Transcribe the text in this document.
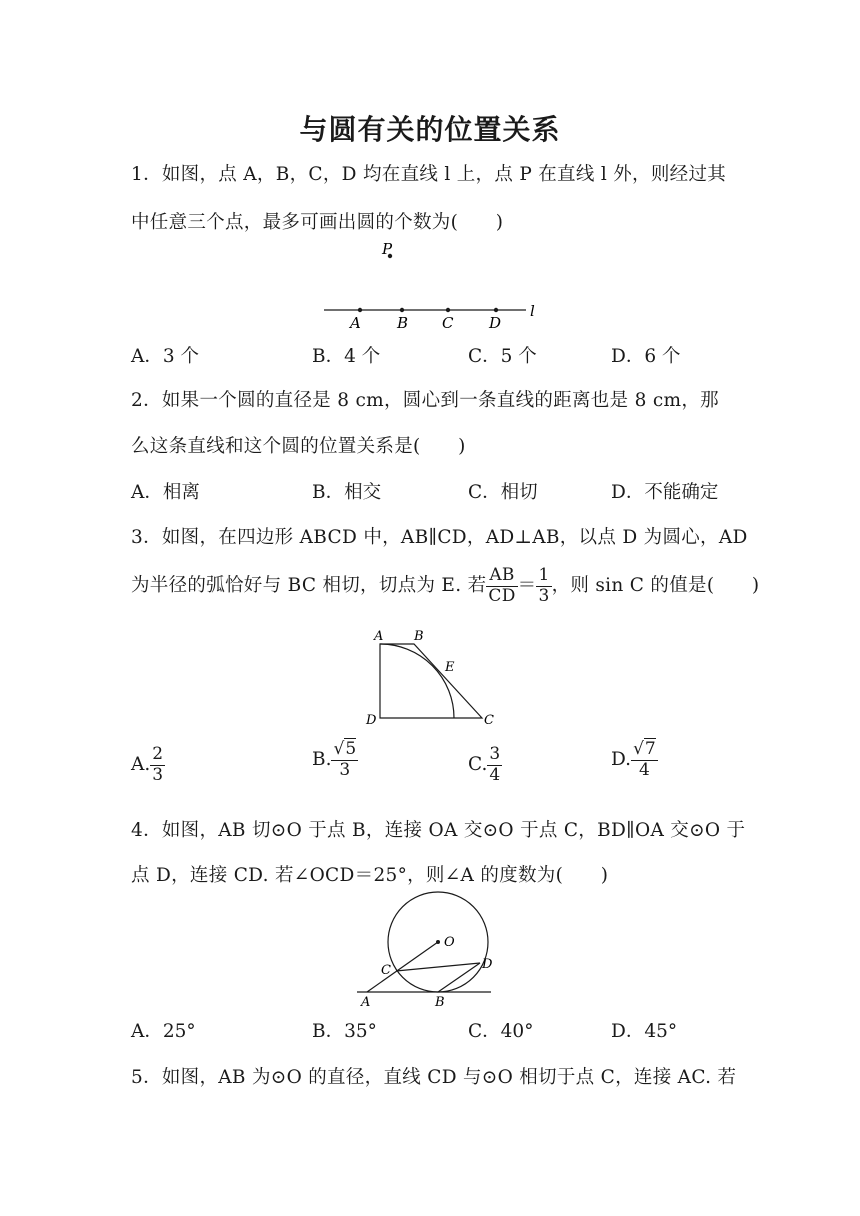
与圆有关的位置关系
1．如图，点 A，B，C，D 均在直线 l 上，点 P 在直线 l 外，则经过其
中任意三个点，最多可画出圆的个数为(　　)
P
A B C D
l
A．3 个	B．4 个	C．5 个	D．6 个
2．如果一个圆的直径是 8 cm，圆心到一条直线的距离也是 8 cm，那
么这条直线和这个圆的位置关系是(　　)
A．相离	B．相交	C．相切	D．不能确定
3．如图，在四边形 ABCD 中，AB∥CD，AD⊥AB，以点 D 为圆心，AD
为半径的弧恰好与 BC 相切，切点为 E. 若 $\frac{AB}{CD} = \frac{1}{3}$ ，则 sin C 的值是(　　)
A B
E
D	C
A. $\frac{2}{3}$	B. $\frac{√5}{3}$	C. $\frac{3}{4}$	D. $\frac{√7}{4}$
4．如图，AB 切⊙O 于点 B，连接 OA 交⊙O 于点 C，BD∥OA 交⊙O 于
点 D，连接 CD. 若∠OCD＝25°，则∠A 的度数为(　　)
O
C	D
A	B
A．25°	B．35°	C．40°	D．45°
5．如图，AB 为⊙O 的直径，直线 CD 与⊙O 相切于点 C，连接 AC. 若
